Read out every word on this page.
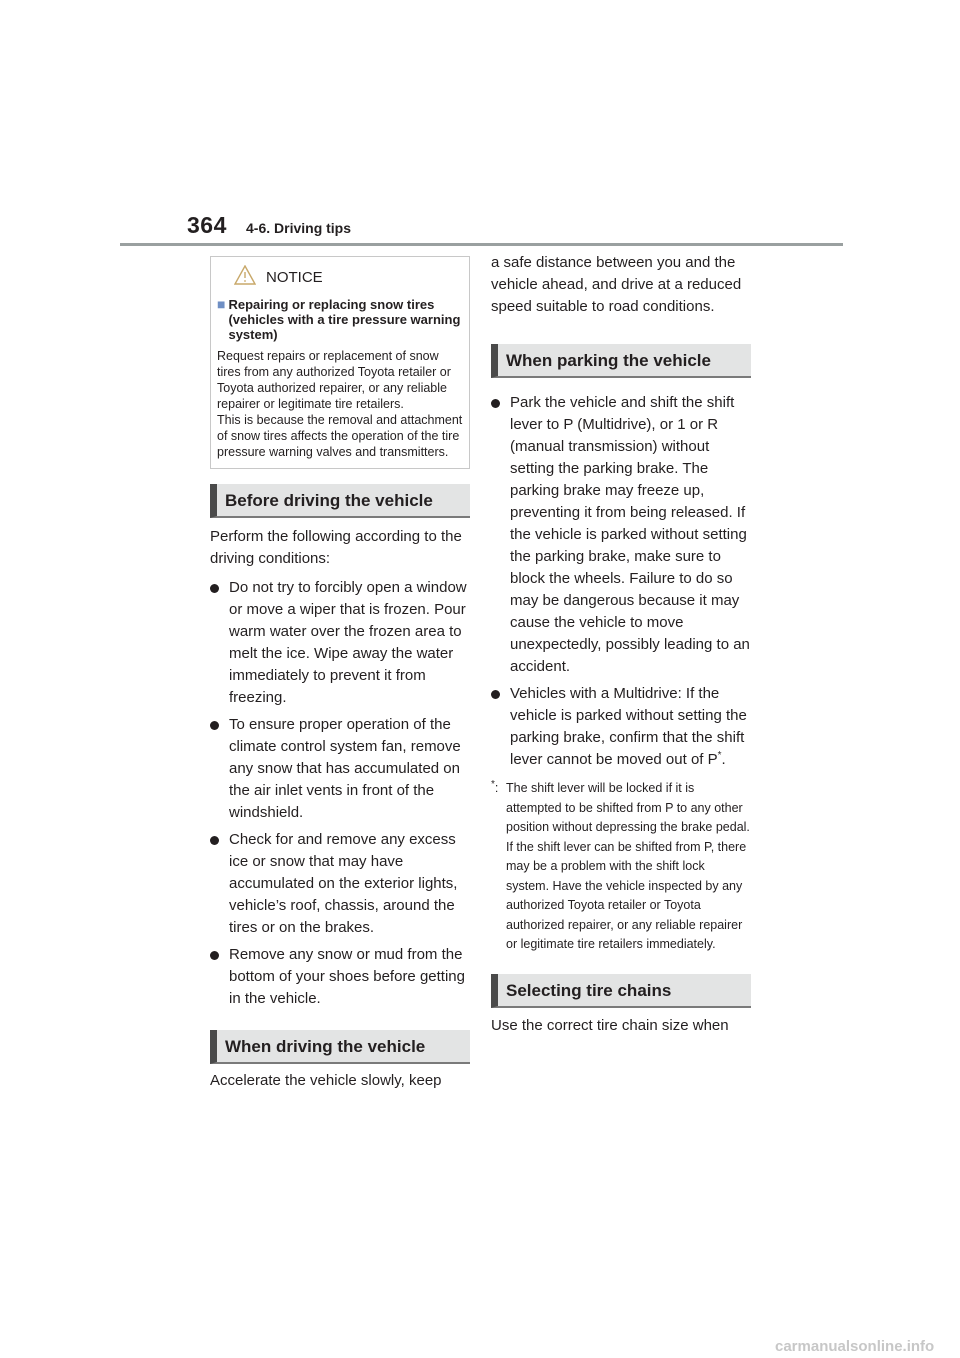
364 4-6. Driving tips
NOTICE
■ Repairing or replacing snow tires (vehicles with a tire pressure warning system)

Request repairs or replacement of snow tires from any authorized Toyota retailer or Toyota authorized repairer, or any reliable repairer or legitimate tire retailers.

This is because the removal and attachment of snow tires affects the operation of the tire pressure warning valves and transmitters.

Before driving the vehicle

Perform the following according to the driving conditions:

Do not try to forcibly open a window or move a wiper that is frozen. Pour warm water over the frozen area to melt the ice. Wipe away the water immediately to prevent it from freezing.
To ensure proper operation of the climate control system fan, remove any snow that has accumulated on the air inlet vents in front of the windshield.
Check for and remove any excess ice or snow that may have accumulated on the exterior lights, vehicle’s roof, chassis, around the tires or on the brakes.
Remove any snow or mud from the bottom of your shoes before getting in the vehicle.
When driving the vehicle

Accelerate the vehicle slowly, keep

a safe distance between you and the vehicle ahead, and drive at a reduced speed suitable to road conditions.

When parking the vehicle
Park the vehicle and shift the shift lever to P (Multidrive), or 1 or R (manual transmission) without setting the parking brake. The parking brake may freeze up, preventing it from being released. If the vehicle is parked without setting the parking brake, make sure to block the wheels. Failure to do so may be dangerous because it may cause the vehicle to move unexpectedly, possibly leading to an accident.
Vehicles with a Multidrive: If the vehicle is parked without setting the parking brake, confirm that the shift lever cannot be moved out of P*.
*: The shift lever will be locked if it is attempted to be shifted from P to any other position without depressing the brake pedal. If the shift lever can be shifted from P, there may be a problem with the shift lock system. Have the vehicle inspected by any authorized Toyota retailer or Toyota authorized repairer, or any reliable repairer or legitimate tire retailers immediately.
Selecting tire chains

Use the correct tire chain size when

carmanualsonline.info
